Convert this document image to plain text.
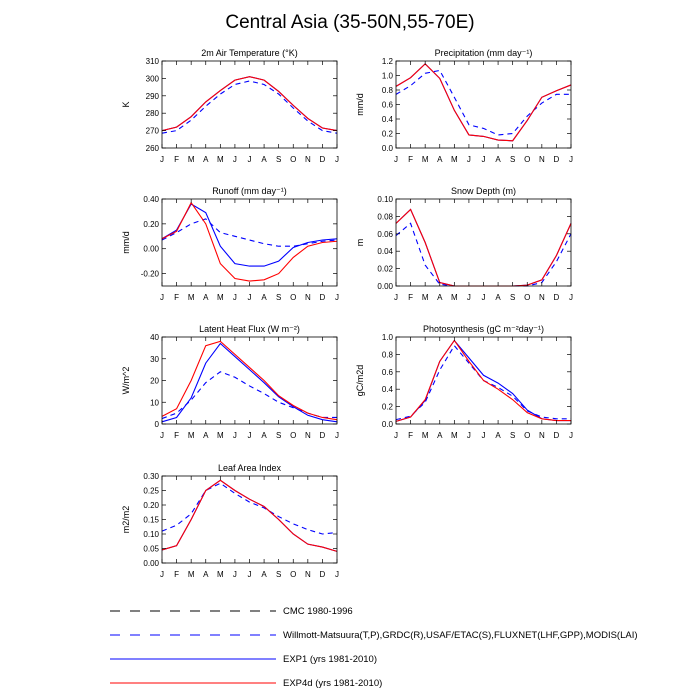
Central Asia (35-50N,55-70E)
2m Air Temperature (°K)
K
J F M A M J J A S O N D J
260
270
280
290
300
310
Precipitation (mm day⁻¹)
mm/d
J F M A M J J A S O N D J
0.0
0.2
0.4
0.6
0.8
1.0
1.2
Runoff (mm day⁻¹)
mm/d
J F M A M J J A S O N D J
-0.20
0.00
0.20
0.40
Snow Depth (m)
m
J F M A M J J A S O N D J
0.00
0.02
0.04
0.06
0.08
0.10
Latent Heat Flux (W m⁻²)
W/m^2
J F M A M J J A S O N D J
0
10
20
30
40
Photosynthesis (gC m⁻²day⁻¹)
gC/m2d
J F M A M J J A S O N D J
0.0
0.2
0.4
0.6
0.8
1.0
Leaf Area Index
m2/m2
J F M A M J J A S O N D J
0.00
0.05
0.10
0.15
0.20
0.25
0.30
CMC 1980-1996
Willmott-Matsuura(T,P),GRDC(R),USAF/ETAC(S),FLUXNET(LHF,GPP),MODIS(LAI)
EXP1 (yrs 1981-2010)
EXP4d (yrs 1981-2010)
